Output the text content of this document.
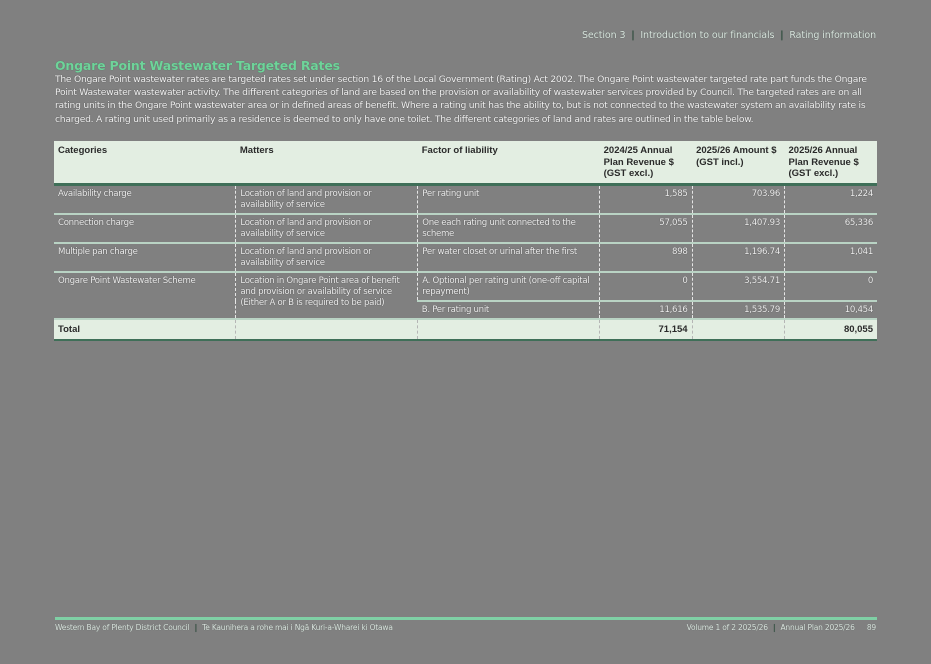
Section 3 | Introduction to our financials | Rating information
Ongare Point Wastewater Targeted Rates
The Ongare Point wastewater rates are targeted rates set under section 16 of the Local Government (Rating) Act 2002. The Ongare Point wastewater targeted rate part funds the Ongare Point Wastewater wastewater activity. The different categories of land are based on the provision or availability of wastewater services provided by Council. The targeted rates are on all rating units in the Ongare Point wastewater area or in defined areas of benefit. Where a rating unit has the ability to, but is not connected to the wastewater system an availability rate is charged. A rating unit used primarily as a residence is deemed to only have one toilet. The different categories of land and rates are outlined in the table below.
Categories	Matters	Factor of liability	2024/25 Annual Plan Revenue $ (GST excl.)	2025/26 Amount $ (GST incl.)	2025/26 Annual Plan Revenue $ (GST excl.)
Availability charge	Location of land and provision or availability of service	Per rating unit	1,585	703.96	1,224
Connection charge	Location of land and provision or availability of service	One each rating unit connected to the scheme	57,055	1,407.93	65,336
Multiple pan charge	Location of land and provision or availability of service	Per water closet or urinal after the first	898	1,196.74	1,041
Ongare Point Wastewater Scheme	Location in Ongare Point area of benefit and provision or availability of service (Either A or B is required to be paid)	A. Optional per rating unit (one-off capital repayment)	0	3,554.71	0
		B. Per rating unit	11,616	1,535.79	10,454
Total			71,154		80,055
Western Bay of Plenty District Council | Te Kaunihera a rohe mai i Ngā Kuri-a-Wharei ki Otawa	Volume 1 of 2 2025/26 | Annual Plan 2025/26 89
